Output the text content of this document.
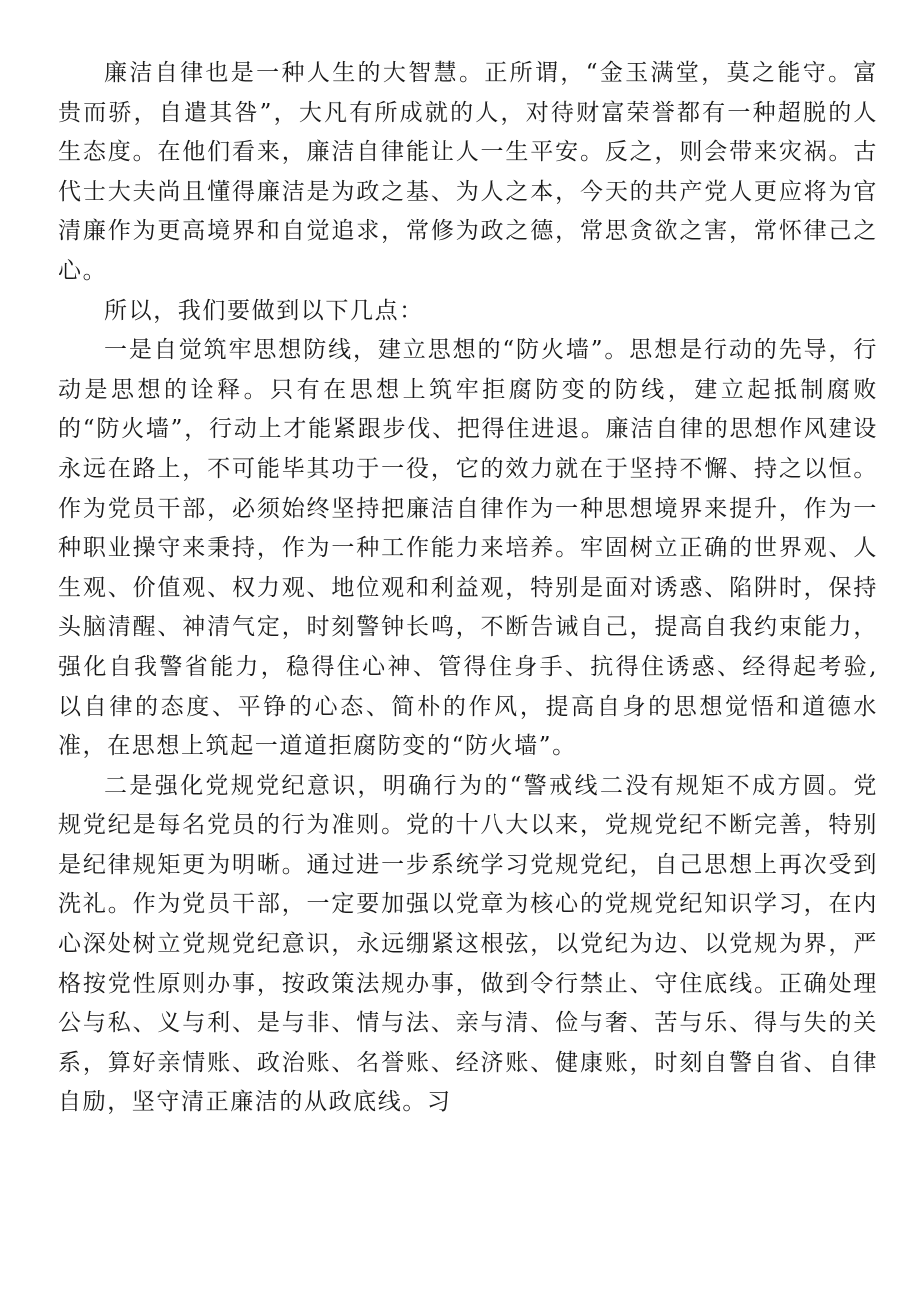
廉洁自律也是一种人生的大智慧。正所谓，“金玉满堂，莫之能守。富贵而骄，自遣其咎”，大凡有所成就的人，对待财富荣誉都有一种超脱的人生态度。在他们看来，廉洁自律能让人一生平安。反之，则会带来灾祸。古代士大夫尚且懂得廉洁是为政之基、为人之本，今天的共产党人更应将为官清廉作为更高境界和自觉追求，常修为政之德，常思贪欲之害，常怀律己之心。

所以，我们要做到以下几点：

一是自觉筑牢思想防线，建立思想的“防火墙”。思想是行动的先导，行动是思想的诠释。只有在思想上筑牢拒腐防变的防线，建立起抵制腐败的“防火墙”，行动上才能紧跟步伐、把得住进退。廉洁自律的思想作风建设永远在路上，不可能毕其功于一役，它的效力就在于坚持不懈、持之以恒。作为党员干部，必须始终坚持把廉洁自律作为一种思想境界来提升，作为一种职业操守来秉持，作为一种工作能力来培养。牢固树立正确的世界观、人生观、价值观、权力观、地位观和利益观，特别是面对诱惑、陷阱时，保持头脑清醒、神清气定，时刻警钟长鸣，不断告诫自己，提高自我约束能力，强化自我警省能力，稳得住心神、管得住身手、抗得住诱惑、经得起考验,以自律的态度、平铮的心态、简朴的作风，提高自身的思想觉悟和道德水准，在思想上筑起一道道拒腐防变的“防火墙”。

二是强化党规党纪意识，明确行为的“警戒线二没有规矩不成方圆。党规党纪是每名党员的行为准则。党的十八大以来，党规党纪不断完善，特别是纪律规矩更为明晰。通过进一步系统学习党规党纪，自己思想上再次受到洗礼。作为党员干部，一定要加强以党章为核心的党规党纪知识学习，在内心深处树立党规党纪意识，永远绷紧这根弦，以党纪为边、以党规为界，严格按党性原则办事，按政策法规办事，做到令行禁止、守住底线。正确处理公与私、义与利、是与非、情与法、亲与清、俭与奢、苦与乐、得与失的关系，算好亲情账、政治账、名誉账、经济账、健康账，时刻自警自省、自律自励，坚守清正廉洁的从政底线。习
